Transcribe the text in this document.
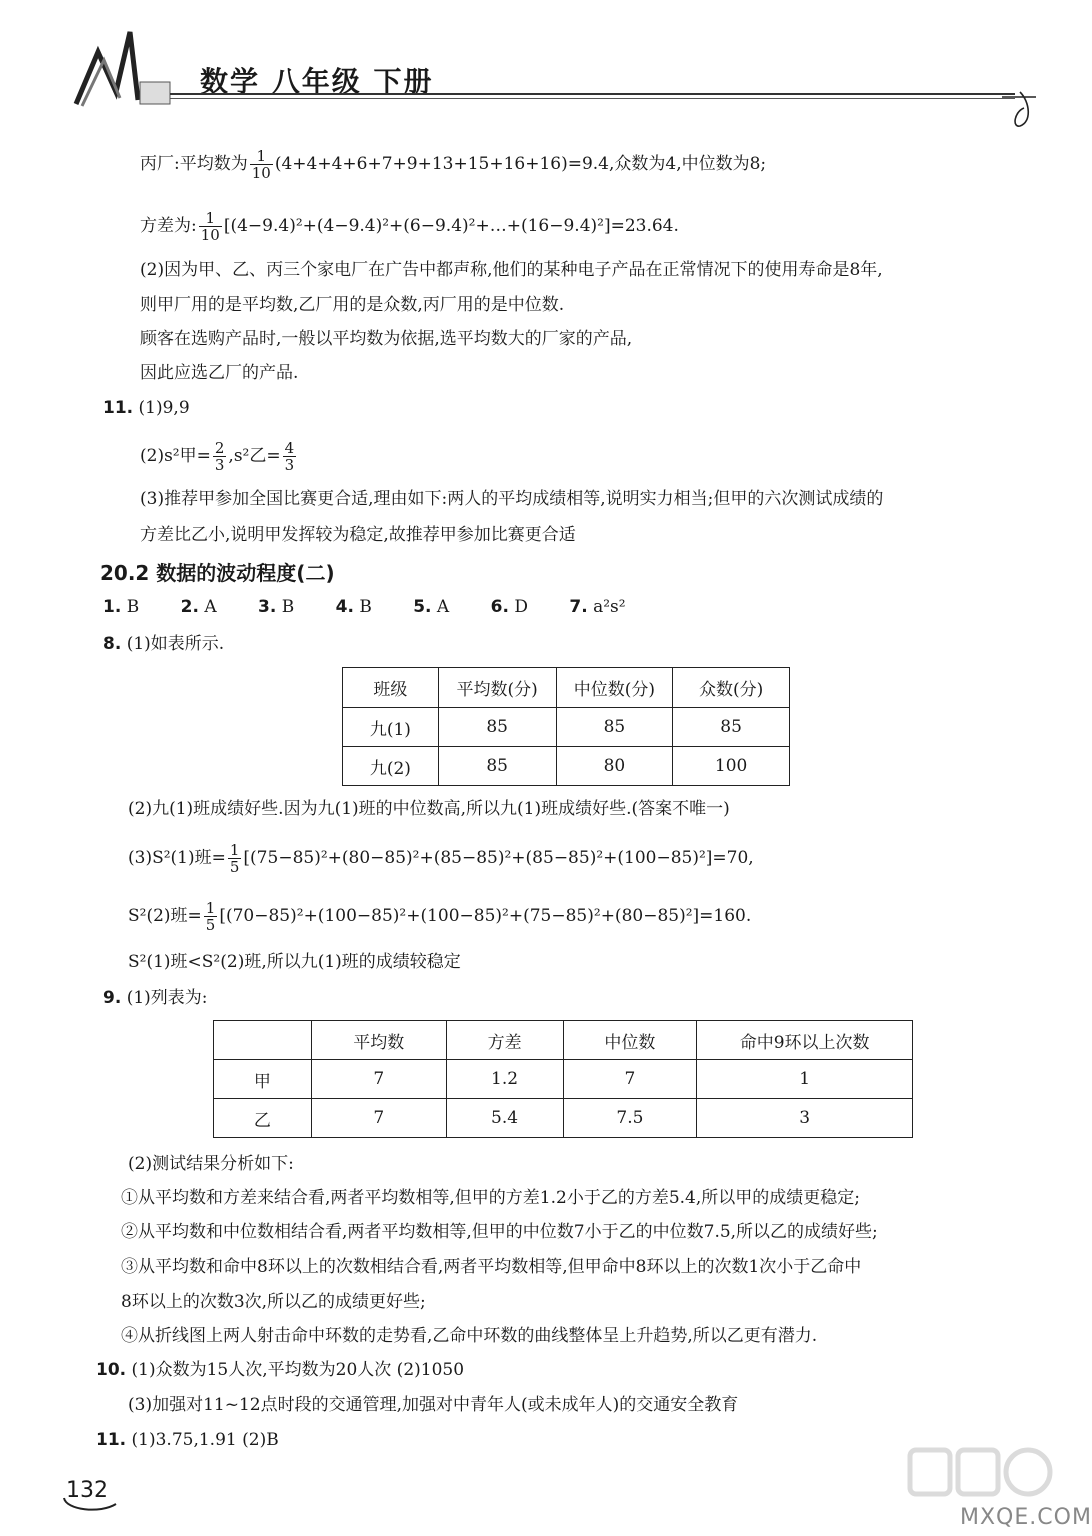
数学 八年级 下册
丙厂:平均数为 $\frac{1}{10} (4+4+4+6+7+9+13+15+16+16)=9.4$,众数为4,中位数为8;
方差为: $\frac{1}{10}$ [(4−9.4)²+(4−9.4)²+(6−9.4)²+…+(16−9.4)²]=23.64.
(2)因为甲、乙、丙三个家电厂在广告中都声称,他们的某种电子产品在正常情况下的使用寿命是8年,
则甲厂用的是平均数,乙厂用的是众数,丙厂用的是中位数.
顾客在选购产品时,一般以平均数为依据,选平均数大的厂家的产品,
因此应选乙厂的产品.
11. (1)9,9
(2)s²甲= $\frac{2}{3} ,s^2$乙= $\frac{4}{3}$
(3)推荐甲参加全国比赛更合适,理由如下:两人的平均成绩相等,说明实力相当;但甲的六次测试成绩的
方差比乙小,说明甲发挥较为稳定,故推荐甲参加比赛更合适
20.2 数据的波动程度(二)
1. B 2. A 3. B 4. B 5. A 6. D 7. a²s²
8. (1)如表所示.
班级	平均数(分)	中位数(分)	众数(分)
九(1)	85	85	85
九(2)	85	80	100
(2)九(1)班成绩好些.因为九(1)班的中位数高,所以九(1)班成绩好些.(答案不唯一)
(3)S²(1)班= $\frac{1}{5} [(75-85)^2+(80-85)^2+(85-85)^2+(85-85)^2+(100-85)^2]=70$,
S²(2)班= $\frac{1}{5} [(70-85)^2+(100-85)^2+(100-85)^2+(75-85)^2+(80-85)^2]=160$.
S²(1)班<S²(2)班,所以九(1)班的成绩较稳定
9. (1)列表为:
	平均数	方差	中位数	命中9环以上次数
甲	7	1.2	7	1
乙	7	5.4	7.5	3
(2)测试结果分析如下:
①从平均数和方差来结合看,两者平均数相等,但甲的方差1.2小于乙的方差5.4,所以甲的成绩更稳定;
②从平均数和中位数相结合看,两者平均数相等,但甲的中位数7小于乙的中位数7.5,所以乙的成绩好些;
③从平均数和命中8环以上的次数相结合看,两者平均数相等,但甲命中8环以上的次数1次小于乙命中
8环以上的次数3次,所以乙的成绩更好些;
④从折线图上两人射击命中环数的走势看,乙命中环数的曲线整体呈上升趋势,所以乙更有潜力.
10. (1)众数为15人次,平均数为20人次 (2)1050
(3)加强对11~12点时段的交通管理,加强对中青年人(或未成年人)的交通安全教育
11. (1)3.75,1.91 (2)B
132
MXQE.COM
